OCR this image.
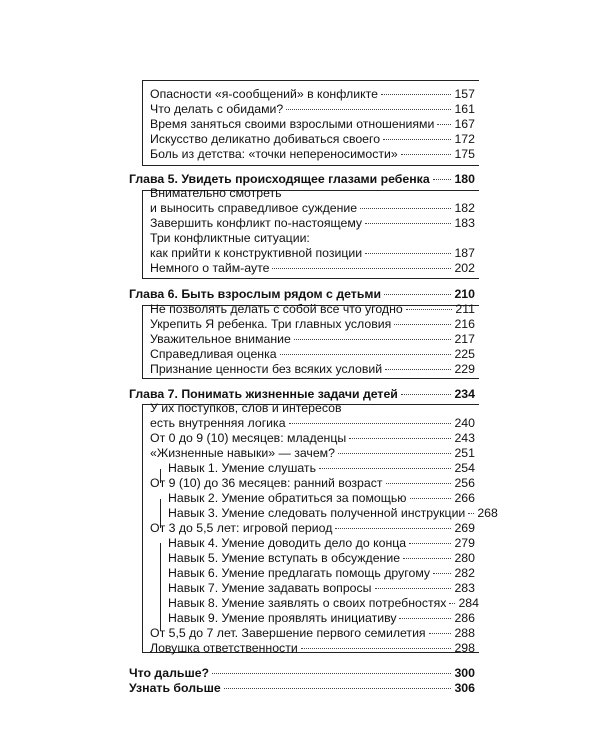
Опасности «я-сообщений» в конфликте	157
Что делать с обидами?	161
Время заняться своими взрослыми отношениями 167
Искусство деликатно добиваться своего	172
Боль из детства: «точки непереносимости»	175
Глава 5. Увидеть происходящее глазами ребенка 180
Внимательно смотреть
и выносить справедливое суждение	182
Завершить конфликт по-настоящему	183
Три конфликтные ситуации:
как прийти к конструктивной позиции	187
Немного о тайм-ауте	202
Глава 6. Быть взрослым рядом с детьми	210
Не позволять делать с собой все что угодно	211
Укрепить Я ребенка. Три главных условия	216
Уважительное внимание	217
Справедливая оценка	225
Признание ценности без всяких условий	229
Глава 7. Понимать жизненные задачи детей	234
У их поступков, слов и интересов
есть внутренняя логика	240
От 0 до 9 (10) месяцев: младенцы	243
«Жизненные навыки» — зачем?	251
Навык 1. Умение слушать	254
От 9 (10) до 36 месяцев: ранний возраст	256
Навык 2. Умение обратиться за помощью	266
Навык 3. Умение следовать полученной инструкции 268
От 3 до 5,5 лет: игровой период	269
Навык 4. Умение доводить дело до конца	279
Навык 5. Умение вступать в обсуждение	280
Навык 6. Умение предлагать помощь другому 282
Навык 7. Умение задавать вопросы	283
Навык 8. Умение заявлять о своих потребностях 284
Навык 9. Умение проявлять инициативу	286
От 5,5 до 7 лет. Завершение первого семилетия 288
Ловушка ответственности	298
Что дальше?	300
Узнать больше	306
